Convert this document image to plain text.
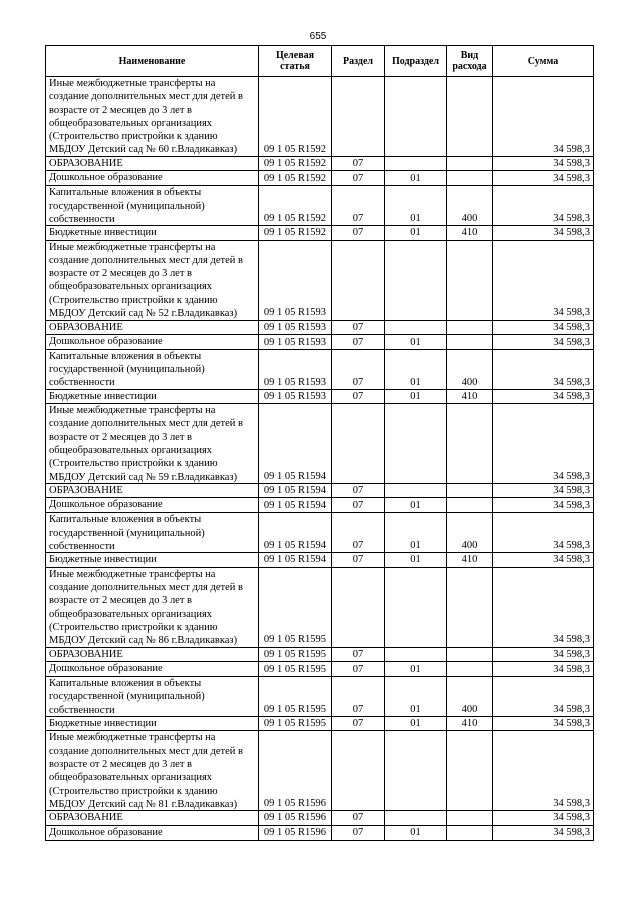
655
Наименование	Целевая статья	Раздел	Подраздел	Вид расхода	Сумма

Иные межбюджетные трансферты на создание дополнительных мест для детей в возрасте от 2 месяцев до 3 лет в общеобразовательных организациях (Строительство пристройки к зданию МБДОУ Детский сад № 60 г.Владикавказ)	09 1 05 R1592				34 598,3

ОБРАЗОВАНИЕ	09 1 05 R1592	07			34 598,3

Дошкольное образование	09 1 05 R1592	07	01		34 598,3

Капитальные вложения в объекты государственной (муниципальной) собственности	09 1 05 R1592	07	01	400	34 598,3

Бюджетные инвестиции	09 1 05 R1592	07	01	410	34 598,3

Иные межбюджетные трансферты на создание дополнительных мест для детей в возрасте от 2 месяцев до 3 лет в общеобразовательных организациях (Строительство пристройки к зданию МБДОУ Детский сад № 52 г.Владикавказ)	09 1 05 R1593				34 598,3

ОБРАЗОВАНИЕ	09 1 05 R1593	07			34 598,3

Дошкольное образование	09 1 05 R1593	07	01		34 598,3

Капитальные вложения в объекты государственной (муниципальной) собственности	09 1 05 R1593	07	01	400	34 598,3

Бюджетные инвестиции	09 1 05 R1593	07	01	410	34 598,3

Иные межбюджетные трансферты на создание дополнительных мест для детей в возрасте от 2 месяцев до 3 лет в общеобразовательных организациях (Строительство пристройки к зданию МБДОУ Детский сад № 59 г.Владикавказ)	09 1 05 R1594				34 598,3

ОБРАЗОВАНИЕ	09 1 05 R1594	07			34 598,3

Дошкольное образование	09 1 05 R1594	07	01		34 598,3

Капитальные вложения в объекты государственной (муниципальной) собственности	09 1 05 R1594	07	01	400	34 598,3

Бюджетные инвестиции	09 1 05 R1594	07	01	410	34 598,3

Иные межбюджетные трансферты на создание дополнительных мест для детей в возрасте от 2 месяцев до 3 лет в общеобразовательных организациях (Строительство пристройки к зданию МБДОУ Детский сад № 86 г.Владикавказ)	09 1 05 R1595				34 598,3

ОБРАЗОВАНИЕ	09 1 05 R1595	07			34 598,3

Дошкольное образование	09 1 05 R1595	07	01		34 598,3

Капитальные вложения в объекты государственной (муниципальной) собственности	09 1 05 R1595	07	01	400	34 598,3

Бюджетные инвестиции	09 1 05 R1595	07	01	410	34 598,3

Иные межбюджетные трансферты на создание дополнительных мест для детей в возрасте от 2 месяцев до 3 лет в общеобразовательных организациях (Строительство пристройки к зданию МБДОУ Детский сад № 81 г.Владикавказ)	09 1 05 R1596				34 598,3

ОБРАЗОВАНИЕ	09 1 05 R1596	07			34 598,3

Дошкольное образование	09 1 05 R1596	07	01		34 598,3
